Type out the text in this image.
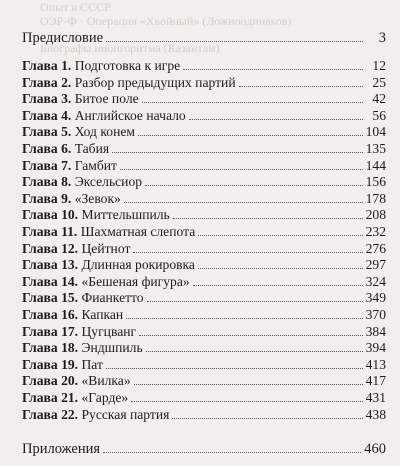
Опыт в СССР
ОЭР-Ф · Операция «Хвойный» (Ложноодинаков)
Биографы иноигоритма (Казантам)
Предисловие	3
Глава 1. Подготовка к игре	12
Глава 2. Разбор предыдущих партий	25
Глава 3. Битое поле	42
Глава 4. Английское начало	56
Глава 5. Ход конем	104
Глава 6. Табия	135
Глава 7. Гамбит	144
Глава 8. Эксельсиор	156
Глава 9. «Зевок»	178
Глава 10. Миттельшпиль	208
Глава 11. Шахматная слепота	232
Глава 12. Цейтнот	276
Глава 13. Длинная рокировка	297
Глава 14. «Бешеная фигура»	324
Глава 15. Фианкетто	349
Глава 16. Капкан	370
Глава 17. Цугцванг	384
Глава 18. Эндшпиль	394
Глава 19. Пат	413
Глава 20. «Вилка»	417
Глава 21. «Гарде»	431
Глава 22. Русская партия	438
Приложения	460
